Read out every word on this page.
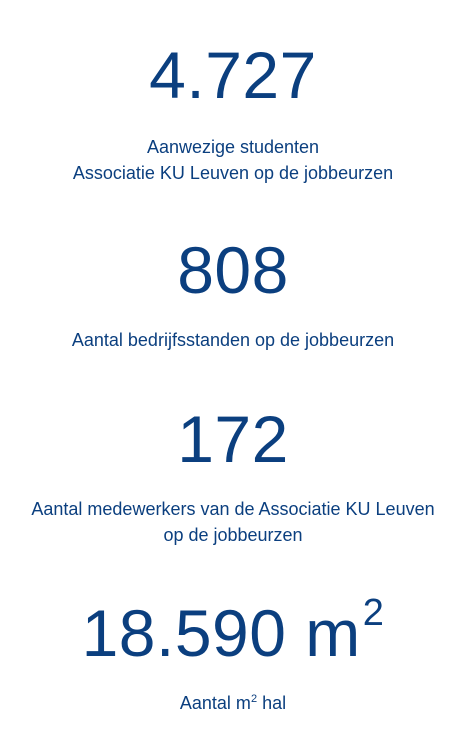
4.727
Aanwezige studenten
Associatie KU Leuven op de jobbeurzen
808
Aantal bedrijfsstanden op de jobbeurzen
172
Aantal medewerkers van de Associatie KU Leuven
op de jobbeurzen
18.590 $m^2$
Aantal $m^2$ hal
